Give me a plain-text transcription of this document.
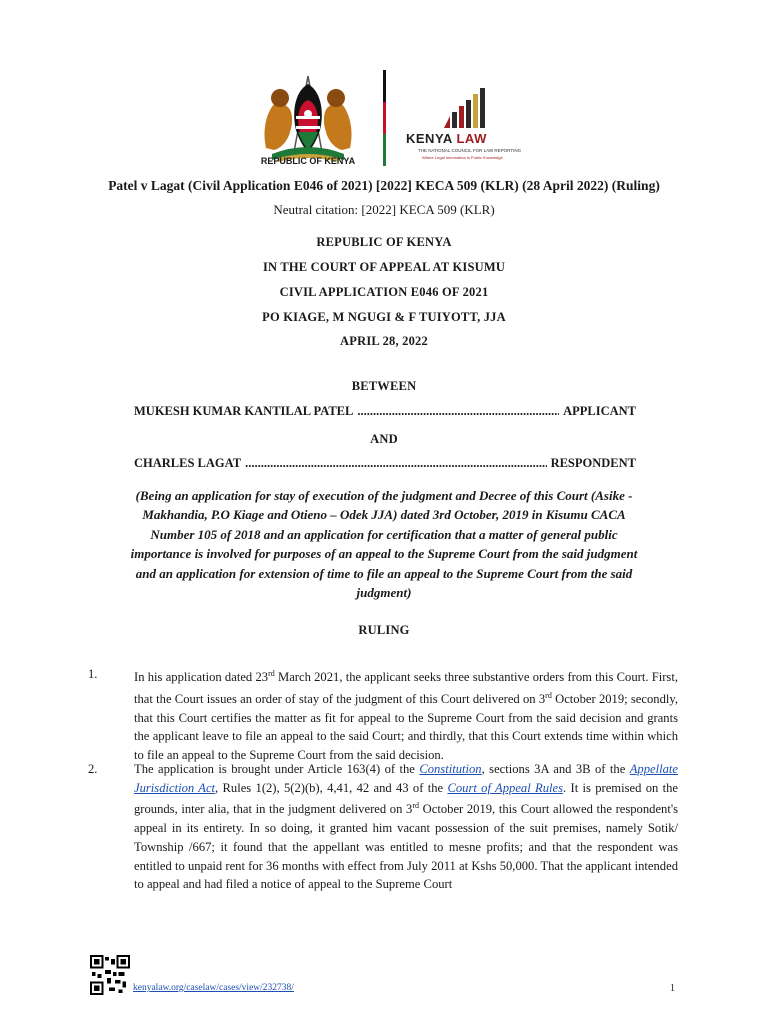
REPUBLIC OF KENYA
KENYA LAW
THE NATIONAL COUNCIL FOR LAW REPORTING
Where Legal Information is Public Knowledge
Patel v Lagat (Civil Application E046 of 2021) [2022] KECA 509 (KLR) (28 April 2022) (Ruling)
Neutral citation: [2022] KECA 509 (KLR)
REPUBLIC OF KENYA
IN THE COURT OF APPEAL AT KISUMU
CIVIL APPLICATION E046 OF 2021
PO KIAGE, M NGUGI & F TUIYOTT, JJA
APRIL 28, 2022
BETWEEN
MUKESH KUMAR KANTILAL PATEL .....	APPLICANT
AND
CHARLES LAGAT .....	RESPONDENT
(Being an application for stay of execution of the judgment and Decree of this Court (Asike -Makhandia, P.O Kiage and Otieno – Odek JJA) dated 3rd October, 2019 in Kisumu CACA Number 105 of 2018 and an application for certification that a matter of general public importance is involved for purposes of an appeal to the Supreme Court from the said judgment and an application for extension of time to file an appeal to the Supreme Court from the said judgment)
RULING
1.	In his application dated 23rd March 2021, the applicant seeks three substantive orders from this Court. First, that the Court issues an order of stay of the judgment of this Court delivered on 3rd October 2019; secondly, that this Court certifies the matter as fit for appeal to the Supreme Court from the said decision and grants the applicant leave to file an appeal to the said Court; and thirdly, that this Court extends time within which to file an appeal to the Supreme Court from the said decision.
2.	The application is brought under Article 163(4) of the Constitution, sections 3A and 3B of the Appellate Jurisdiction Act, Rules 1(2), 5(2)(b), 4,41, 42 and 43 of the Court of Appeal Rules. It is premised on the grounds, inter alia, that in the judgment delivered on 3rd October 2019, this Court allowed the respondent's appeal in its entirety. In so doing, it granted him vacant possession of the suit premises, namely Sotik/ Township /667; it found that the appellant was entitled to mesne profits; and that the respondent was entitled to unpaid rent for 36 months with effect from July 2011 at Kshs 50,000. That the applicant intended to appeal and had filed a notice of appeal to the Supreme Court
kenyalaw.org/caselaw/cases/view/232738/	1
